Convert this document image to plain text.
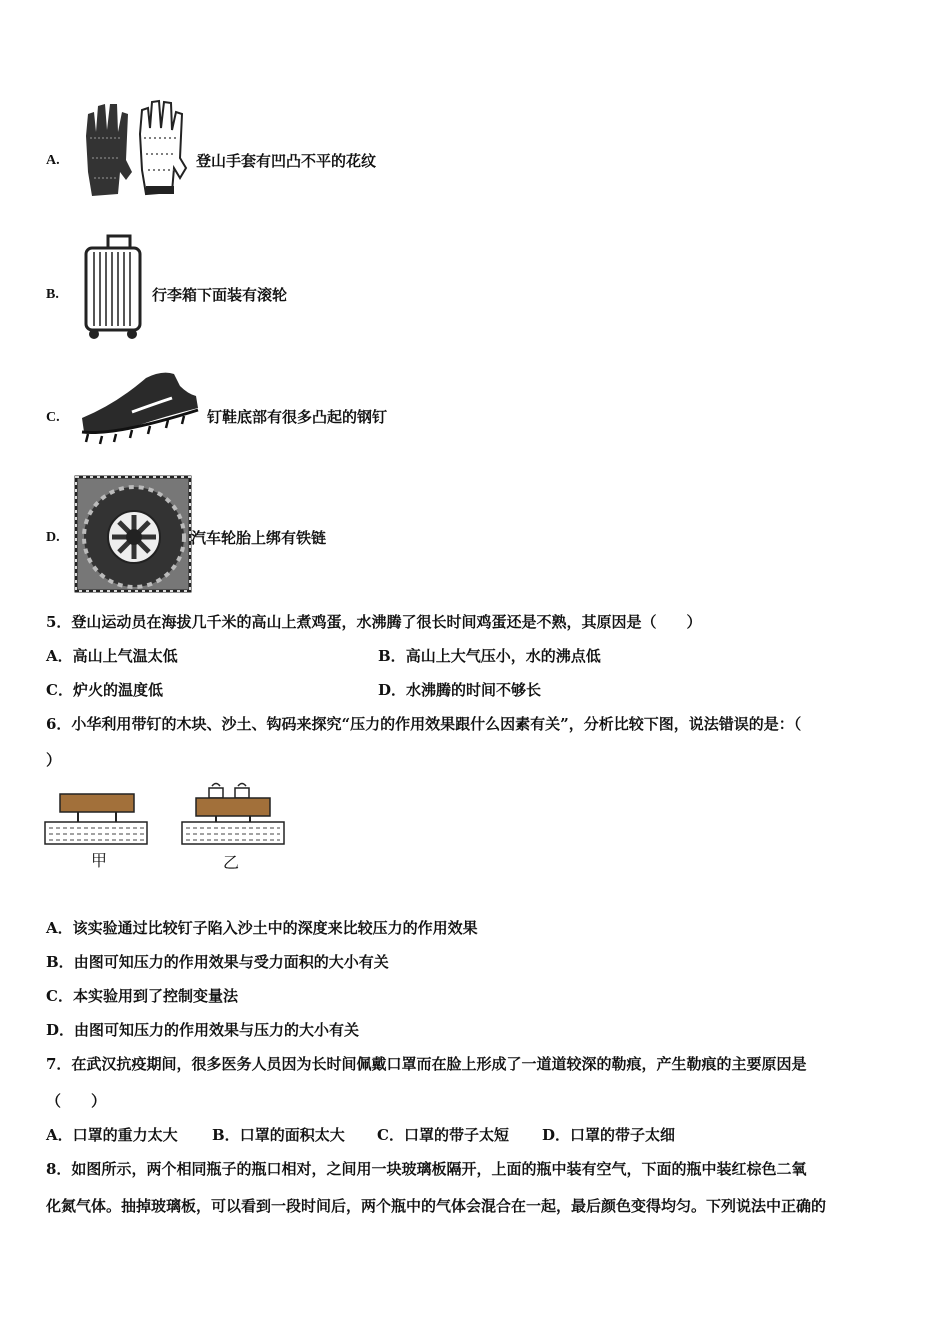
A.	登山手套有凹凸不平的花纹
B.	行李箱下面装有滚轮
C.	钉鞋底部有很多凸起的钢钉
D.	汽车轮胎上绑有铁链
5．登山运动员在海拔几千米的高山上煮鸡蛋，水沸腾了很长时间鸡蛋还是不熟，其原因是（　　）
A．高山上气温太低	B．高山上大气压小，水的沸点低
C．炉火的温度低	D．水沸腾的时间不够长
6．小华利用带钉的木块、沙土、钩码来探究“压力的作用效果跟什么因素有关”，分析比较下图，说法错误的是：（
）
甲	乙
A．该实验通过比较钉子陷入沙土中的深度来比较压力的作用效果
B．由图可知压力的作用效果与受力面积的大小有关
C．本实验用到了控制变量法
D．由图可知压力的作用效果与压力的大小有关
7．在武汉抗疫期间，很多医务人员因为长时间佩戴口罩而在脸上形成了一道道较深的勒痕，产生勒痕的主要原因是
（　　）
A．口罩的重力太大 B．口罩的面积太大 C．口罩的带子太短 D．口罩的带子太细
8．如图所示，两个相同瓶子的瓶口相对，之间用一块玻璃板隔开，上面的瓶中装有空气，下面的瓶中装红棕色二氧
化氮气体。抽掉玻璃板，可以看到一段时间后，两个瓶中的气体会混合在一起，最后颜色变得均匀。下列说法中正确的
